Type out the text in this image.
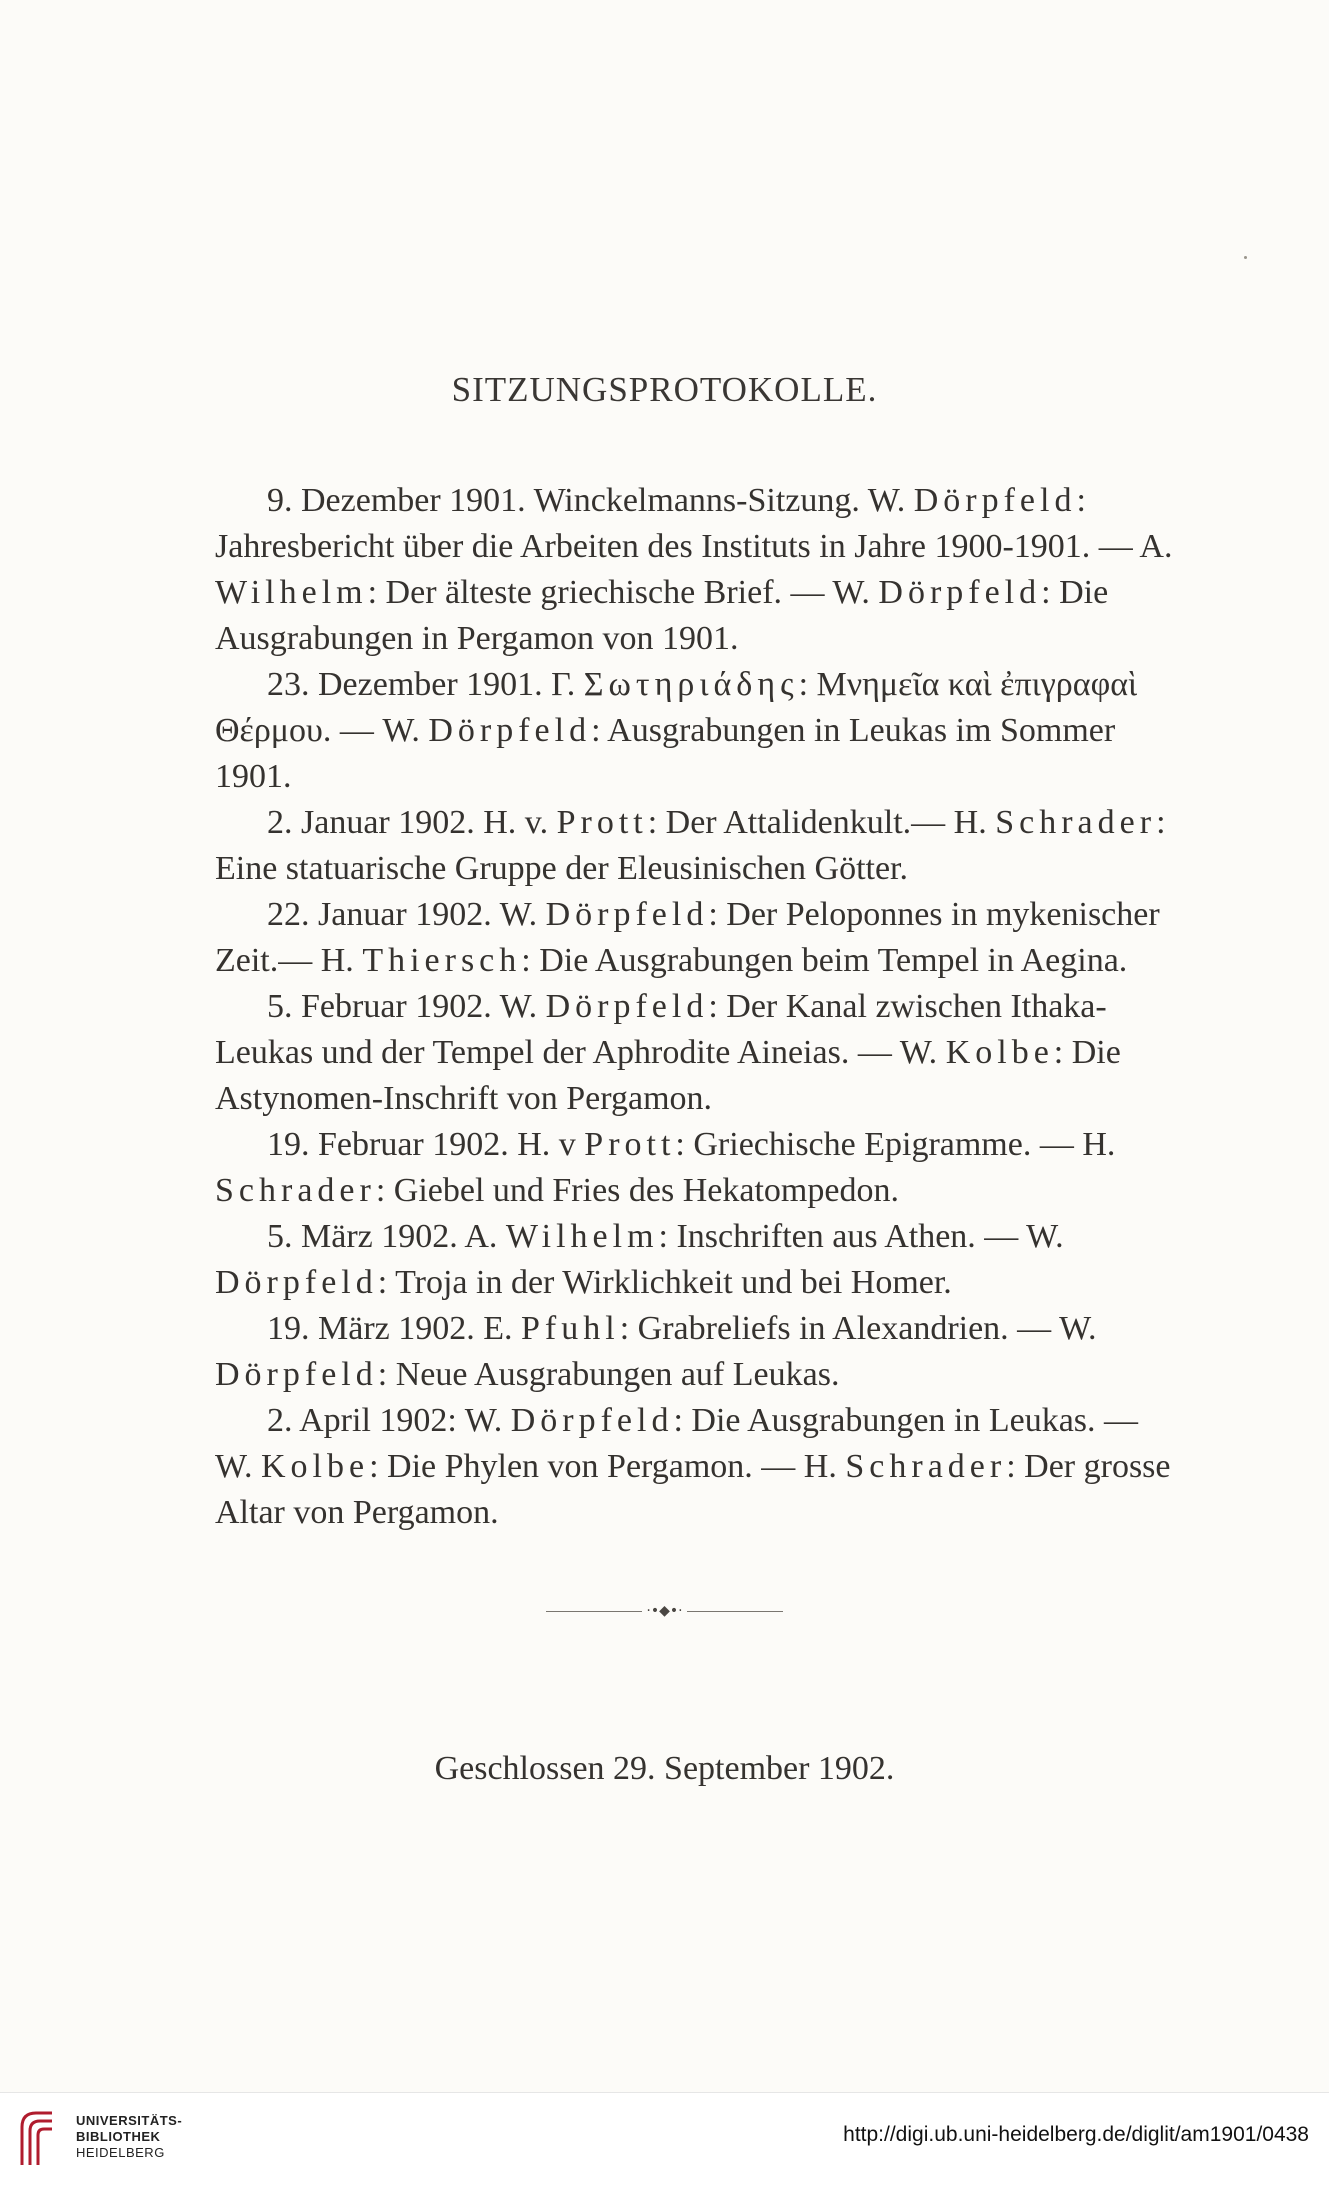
SITZUNGSPROTOKOLLE.

9. Dezember 1901. Winckelmanns-Sitzung. W. Dörpfeld: Jahresbericht über die Arbeiten des Instituts in Jahre 1900-1901. — A. Wilhelm: Der älteste griechische Brief. — W. Dörpfeld: Die Ausgrabungen in Pergamon von 1901.

23. Dezember 1901. Γ. Σωτηριάδης: Μνημεῖα καὶ ἐπιγραφαὶ Θέρμου. — W. Dörpfeld: Ausgrabungen in Leukas im Sommer 1901.

2. Januar 1902. H. v. Prott: Der Attalidenkult.— H. Schrader: Eine statuarische Gruppe der Eleusinischen Götter.

22. Januar 1902. W. Dörpfeld: Der Peloponnes in mykenischer Zeit.— H. Thiersch: Die Ausgrabungen beim Tempel in Aegina.

5. Februar 1902. W. Dörpfeld: Der Kanal zwischen Ithaka-Leukas und der Tempel der Aphrodite Aineias. — W. Kolbe: Die Astynomen-Inschrift von Pergamon.

19. Februar 1902. H. v Prott: Griechische Epigramme. — H. Schrader: Giebel und Fries des Hekatompedon.

5. März 1902. A. Wilhelm: Inschriften aus Athen. — W. Dörpfeld: Troja in der Wirklichkeit und bei Homer.

19. März 1902. E. Pfuhl: Grabreliefs in Alexandrien. — W. Dörpfeld: Neue Ausgrabungen auf Leukas.

2. April 1902: W. Dörpfeld: Die Ausgrabungen in Leukas. — W. Kolbe: Die Phylen von Pergamon. — H. Schrader: Der grosse Altar von Pergamon.

·•◆•·
Geschlossen 29. September 1902.
UNIVERSITÄTS-
BIBLIOTHEK
HEIDELBERG
http://digi.ub.uni-heidelberg.de/diglit/am1901/0438
